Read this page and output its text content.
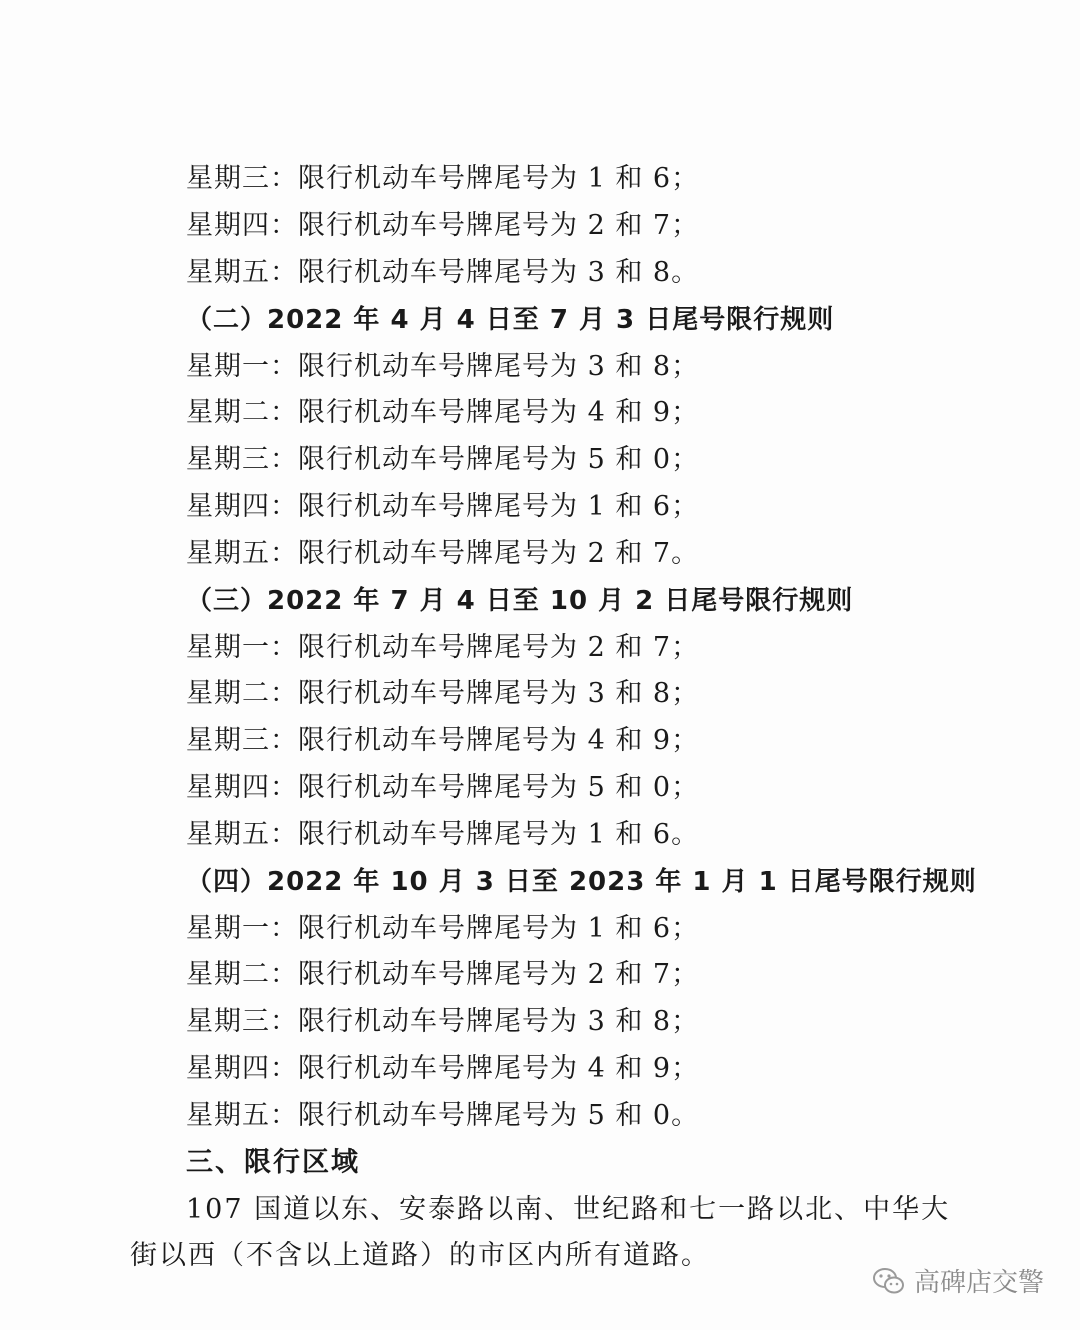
星期三：限行机动车号牌尾号为 1 和 6；
星期四：限行机动车号牌尾号为 2 和 7；
星期五：限行机动车号牌尾号为 3 和 8。
（二）2022 年 4 月 4 日至 7 月 3 日尾号限行规则
星期一：限行机动车号牌尾号为 3 和 8；
星期二：限行机动车号牌尾号为 4 和 9；
星期三：限行机动车号牌尾号为 5 和 0；
星期四：限行机动车号牌尾号为 1 和 6；
星期五：限行机动车号牌尾号为 2 和 7。
（三）2022 年 7 月 4 日至 10 月 2 日尾号限行规则
星期一：限行机动车号牌尾号为 2 和 7；
星期二：限行机动车号牌尾号为 3 和 8；
星期三：限行机动车号牌尾号为 4 和 9；
星期四：限行机动车号牌尾号为 5 和 0；
星期五：限行机动车号牌尾号为 1 和 6。
（四）2022 年 10 月 3 日至 2023 年 1 月 1 日尾号限行规则
星期一：限行机动车号牌尾号为 1 和 6；
星期二：限行机动车号牌尾号为 2 和 7；
星期三：限行机动车号牌尾号为 3 和 8；
星期四：限行机动车号牌尾号为 4 和 9；
星期五：限行机动车号牌尾号为 5 和 0。
三、限行区域
107 国道以东、安泰路以南、世纪路和七一路以北、中华大
街以西（不含以上道路）的市区内所有道路。
高碑店交警
